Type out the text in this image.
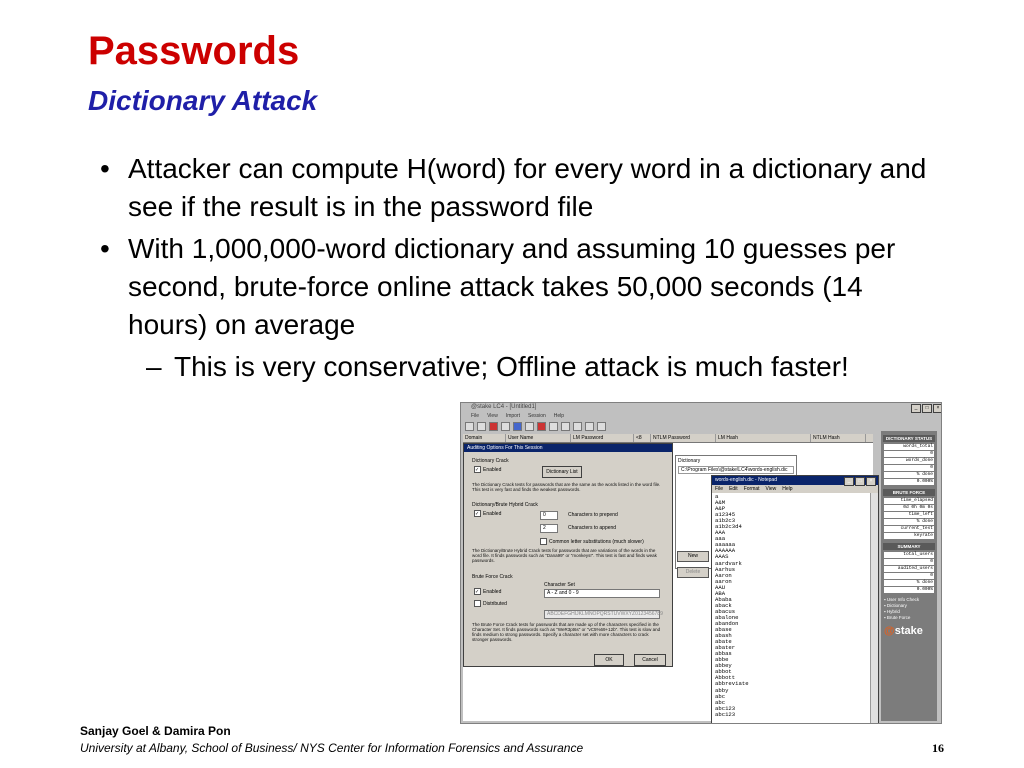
Passwords
Dictionary Attack
• Attacker can compute H(word) for every word in a dictionary and see if the result is in the password file
• With 1,000,000-word dictionary and assuming 10 guesses per second, brute-force online attack takes 50,000 seconds (14 hours) on average
– This is very conservative; Offline attack is much faster!
@stake LC4 - [Untitled1]	_	□	×
File View Import Session Help
Domain	User Name	LM Password	<8	NTLM Password	LM Hash	NTLM Hash
Auditing Options For This Session
Dictionary Crack
✓ Enabled	Dictionary List
The Dictionary Crack tests for passwords that are the same as the words listed in the word file. This test is very fast and finds the weakest passwords.
Dictionary/Brute Hybrid Crack
✓ Enabled	0	Characters to prepend
2	Characters to append
Common letter substitutions (much slower)
The Dictionary/Brute Hybrid Crack tests for passwords that are variations of the words in the word file. It finds passwords such as "Dana99" or "monkeys!". This test is fast and finds weak passwords.
Brute Force Crack
Character Set
✓ Enabled	A - Z and 0 - 9
Distributed
ABCDEFGHIJKLMNOPQRSTUVWXYZ0123456789
The Brute Force Crack tests for passwords that are made up of the characters specified in the Character Set. It finds passwords such as "WeR3pt6s" or "vC5%69+12b". This test is slow and finds medium to strong passwords. Specify a character set with more characters to crack stronger passwords.
OK	Cancel
Dictionary
C:\Program Files\@stake\LC4\words-english.dic
New
Delete
words-english.dic - Notepad	_	□	×
File Edit Format View Help
a
A&M
A&P
a12345
a1b2c3
a1b2c3d4
AAA
aaa
aaaaaa
AAAAAA
AAAS
aardvark
Aarhus
Aaron
aaron
AAU
ABA
Ababa
aback
abacus
abalone
abandon
abase
abash
abate
abater
abbas
abbe
abbey
abbot
Abbott
abbreviate
abby
abc
abc
abc123
abc123
DICTIONARY STATUS
words_total
0
words_done
0
% done
0.000%
BRUTE FORCE
time_elapsed
0d 0h 0m 0s
time_left
% done
current_test
keyrate
SUMMARY
total_users
0
audited_users
0
% done
0.000%
▪ User Info Check
▪ Dictionary
▪ Hybrid
▪ Brute Force
@stake
Sanjay Goel & Damira Pon
University at Albany, School of Business/ NYS Center for Information Forensics and Assurance	16
